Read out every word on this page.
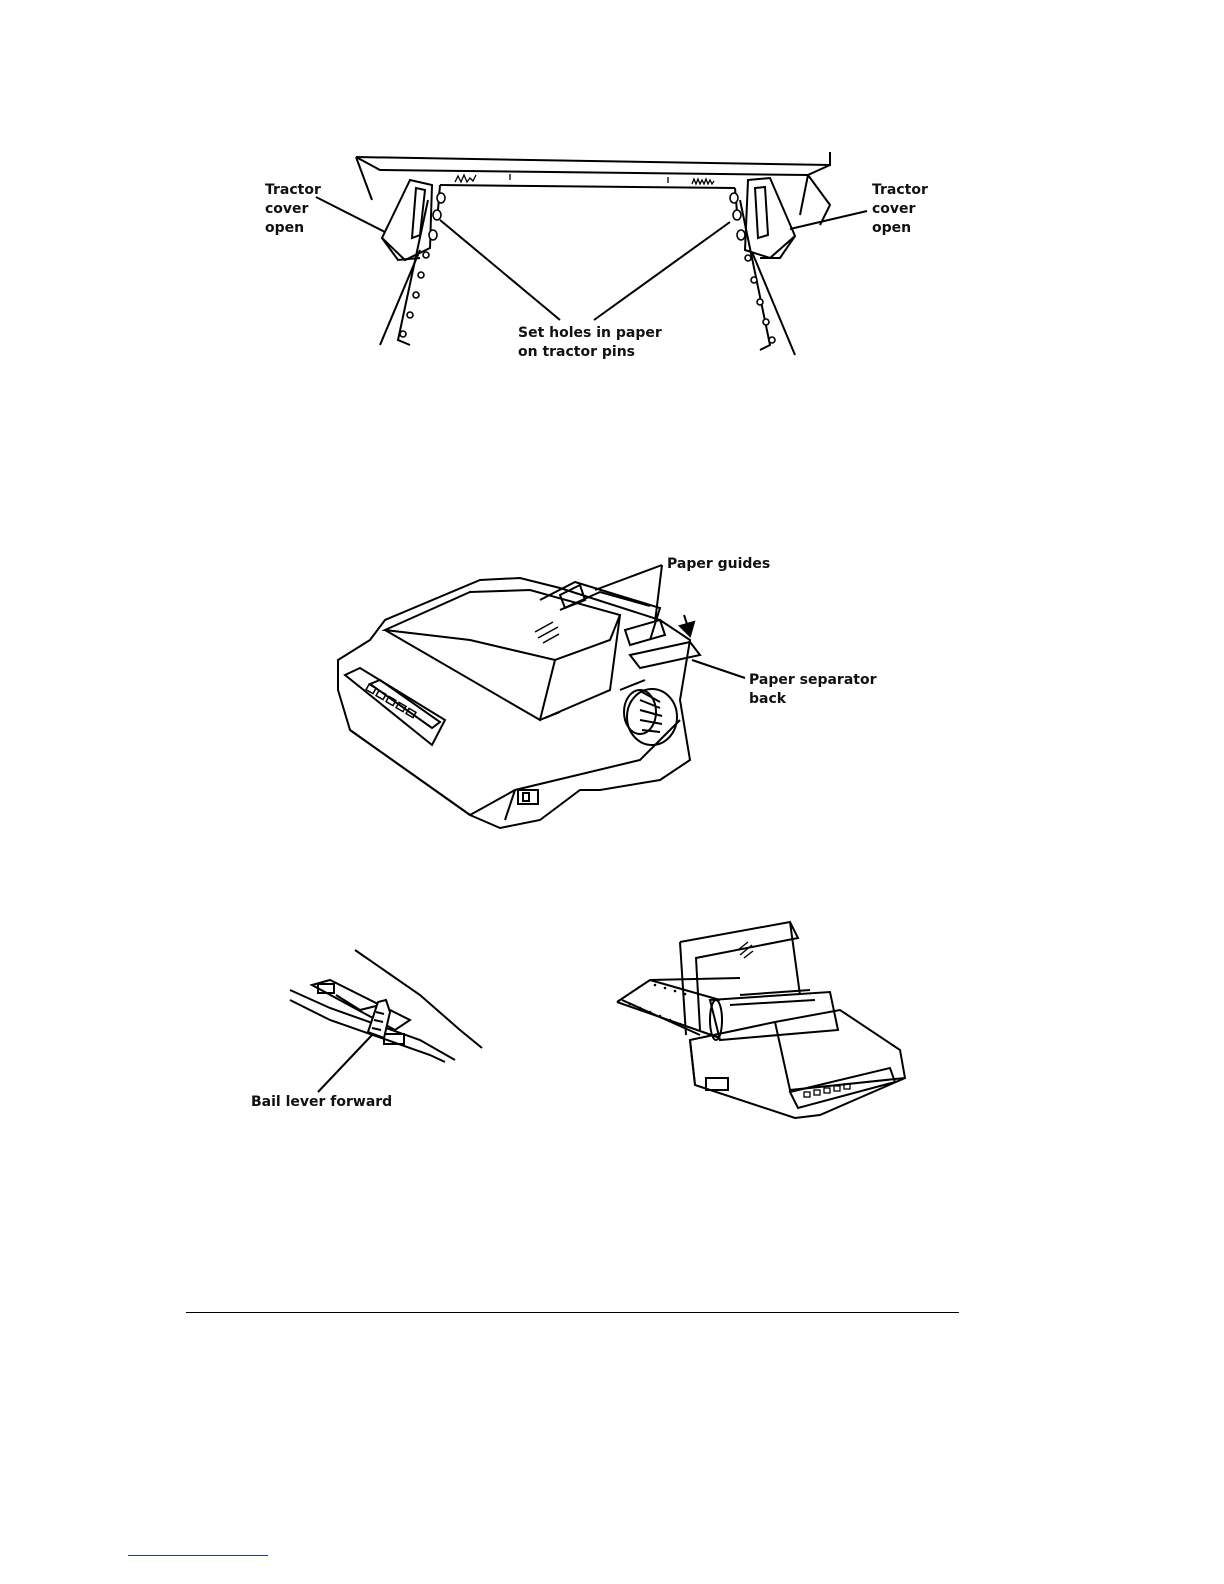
Tractor
cover
open
Tractor
cover
open
Set holes in paper
on tractor pins
Paper guides
Paper separator
back
Bail lever forward
